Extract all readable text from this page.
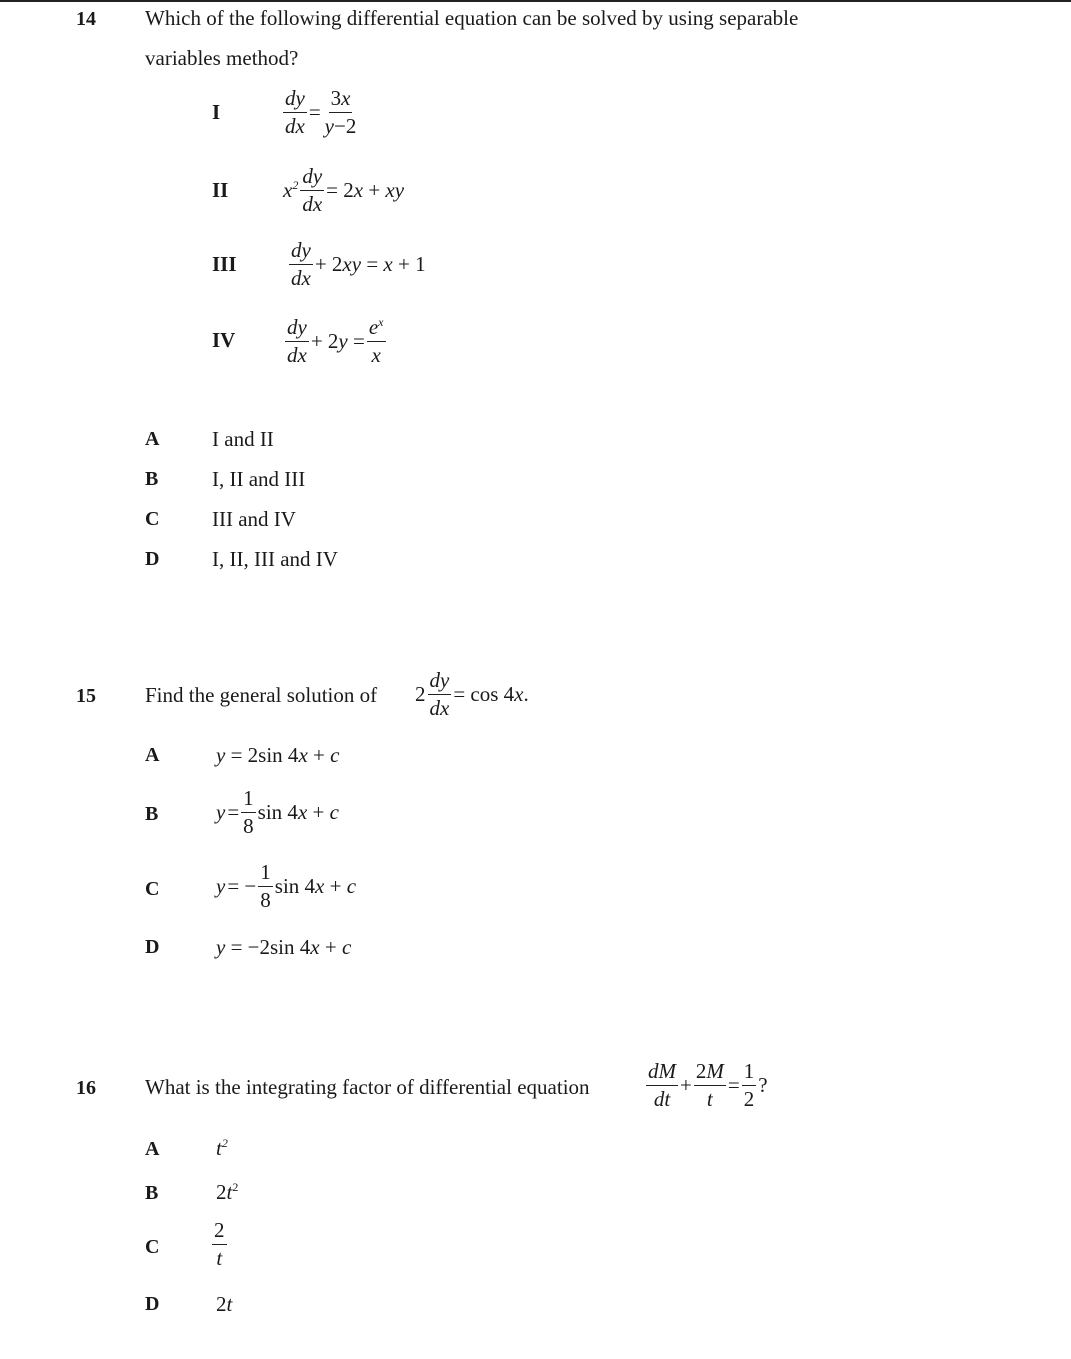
14 Which of the following differential equation can be solved by using separable
variables method?
I	$\frac{dy}{dx} = \frac{3x}{y-2}$
II	$x^2 \frac{dy}{dx} = 2x$ + xy
III $\frac{dy}{dx} + 2xy = x + 1$
IV $\frac{dy}{dx} + 2y = \frac{e^x}{x}$
A	I and II
B	I, II and III
C	III and IV
D	I, II, III and IV
15 Find the general solution of $2 \frac{dy}{dx} = \cos 4x$.
A	y = 2sin 4x + c
B	$y = \frac{1}{8}$ sin 4x + c
C	y = − $\frac{1}{8}$ sin 4x + c
D	y = −2sin 4x + c
16 What is the integrating factor of differential equation	$\frac{dM}{dt} + \frac{2M}{t} = \frac{1}{2}$ ?
A	$t^2$
B	$2t^2$
C	$\frac{2}{t}$
D	2t
